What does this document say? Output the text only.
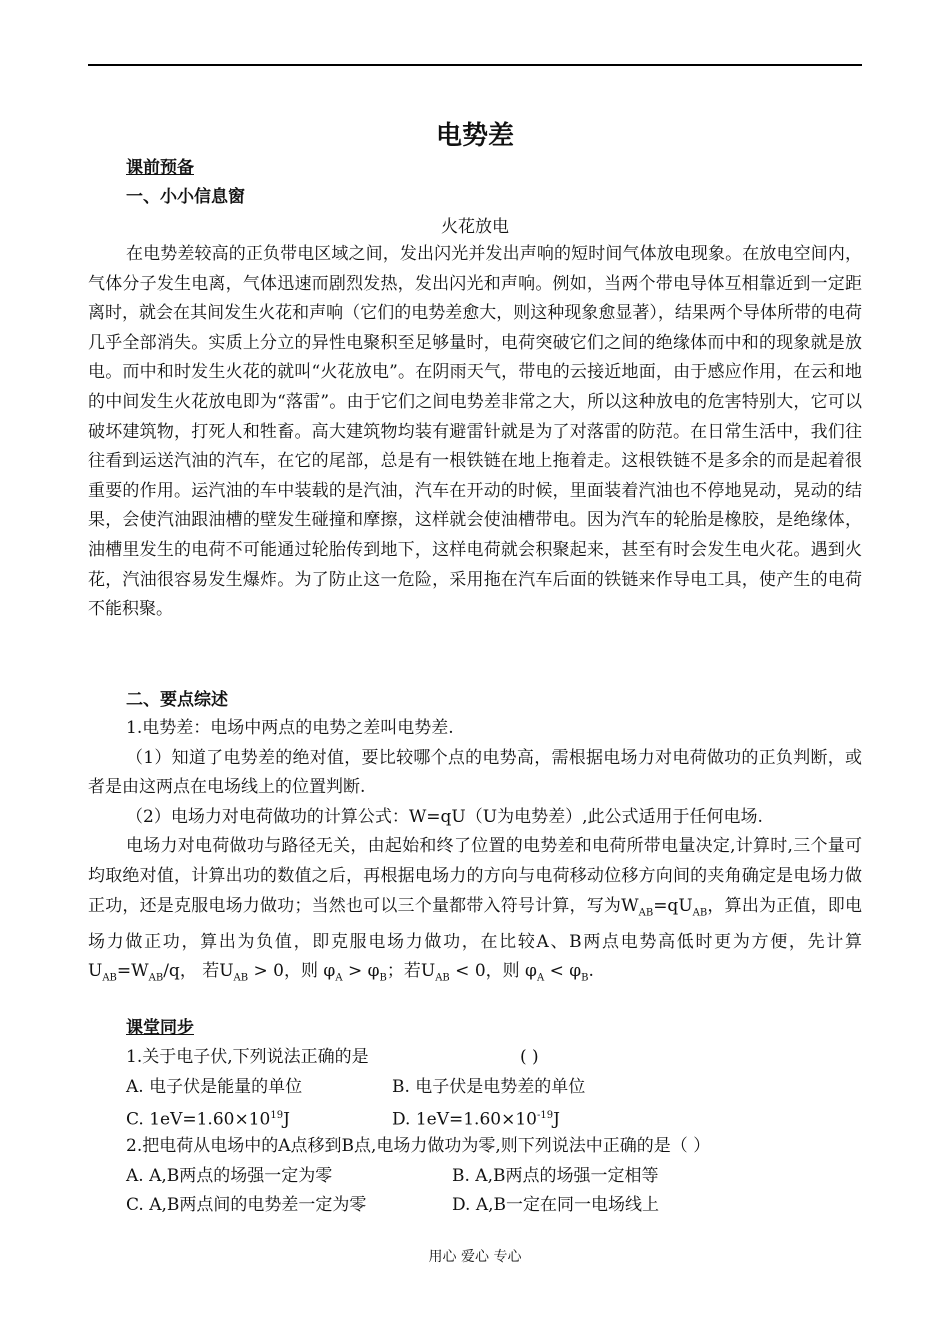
电势差
课前预备
一、小小信息窗
火花放电

在电势差较高的正负带电区域之间，发出闪光并发出声响的短时间气体放电现象。在放电空间内，气体分子发生电离，气体迅速而剧烈发热，发出闪光和声响。例如，当两个带电导体互相靠近到一定距离时，就会在其间发生火花和声响（它们的电势差愈大，则这种现象愈显著），结果两个导体所带的电荷几乎全部消失。实质上分立的异性电聚积至足够量时，电荷突破它们之间的绝缘体而中和的现象就是放电。而中和时发生火花的就叫“火花放电”。在阴雨天气，带电的云接近地面，由于感应作用，在云和地的中间发生火花放电即为“落雷”。由于它们之间电势差非常之大，所以这种放电的危害特别大，它可以破坏建筑物，打死人和牲畜。高大建筑物均装有避雷针就是为了对落雷的防范。在日常生活中，我们往往看到运送汽油的汽车，在它的尾部，总是有一根铁链在地上拖着走。这根铁链不是多余的而是起着很重要的作用。运汽油的车中装载的是汽油，汽车在开动的时候，里面装着汽油也不停地晃动，晃动的结果，会使汽油跟油槽的壁发生碰撞和摩擦，这样就会使油槽带电。因为汽车的轮胎是橡胶，是绝缘体，油槽里发生的电荷不可能通过轮胎传到地下，这样电荷就会积聚起来，甚至有时会发生电火花。遇到火花，汽油很容易发生爆炸。为了防止这一危险，采用拖在汽车后面的铁链来作导电工具，使产生的电荷不能积聚。

二、要点综述

1.电势差：电场中两点的电势之差叫电势差.

（1）知道了电势差的绝对值，要比较哪个点的电势高，需根据电场力对电荷做功的正负判断，或者是由这两点在电场线上的位置判断.

（2）电场力对电荷做功的计算公式：W=qU（U为电势差）,此公式适用于任何电场.

电场力对电荷做功与路径无关，由起始和终了位置的电势差和电荷所带电量决定,计算时,三个量可均取绝对值，计算出功的数值之后，再根据电场力的方向与电荷移动位移方向间的夹角确定是电场力做正功，还是克服电场力做功；当然也可以三个量都带入符号计算，写为$W_{AB}=qU_{AB}$，算出为正值，即电场力做正功，算出为负值，即克服电场力做功，在比较A、B两点电势高低时更为方便，先计算$U_{AB}=W_{AB}/q$， 若$U_{AB} > 0$，则 $\varphi_A > \varphi_B$；若$U_{AB} < 0$，则 $\varphi_A < \varphi_B$.

课堂同步
1.关于电子伏,下列说法正确的是	( )
A. 电子伏是能量的单位	B. 电子伏是电势差的单位
C. $1eV=1.60\times 10^{19}J$	D. $1eV=1.60\times 10^{-19}J$
2.把电荷从电场中的A点移到B点,电场力做功为零,则下列说法中正确的是（ ）
A. A,B两点的场强一定为零	B. A,B两点的场强一定相等
C. A,B两点间的电势差一定为零	D. A,B一定在同一电场线上
用心 爱心 专心
